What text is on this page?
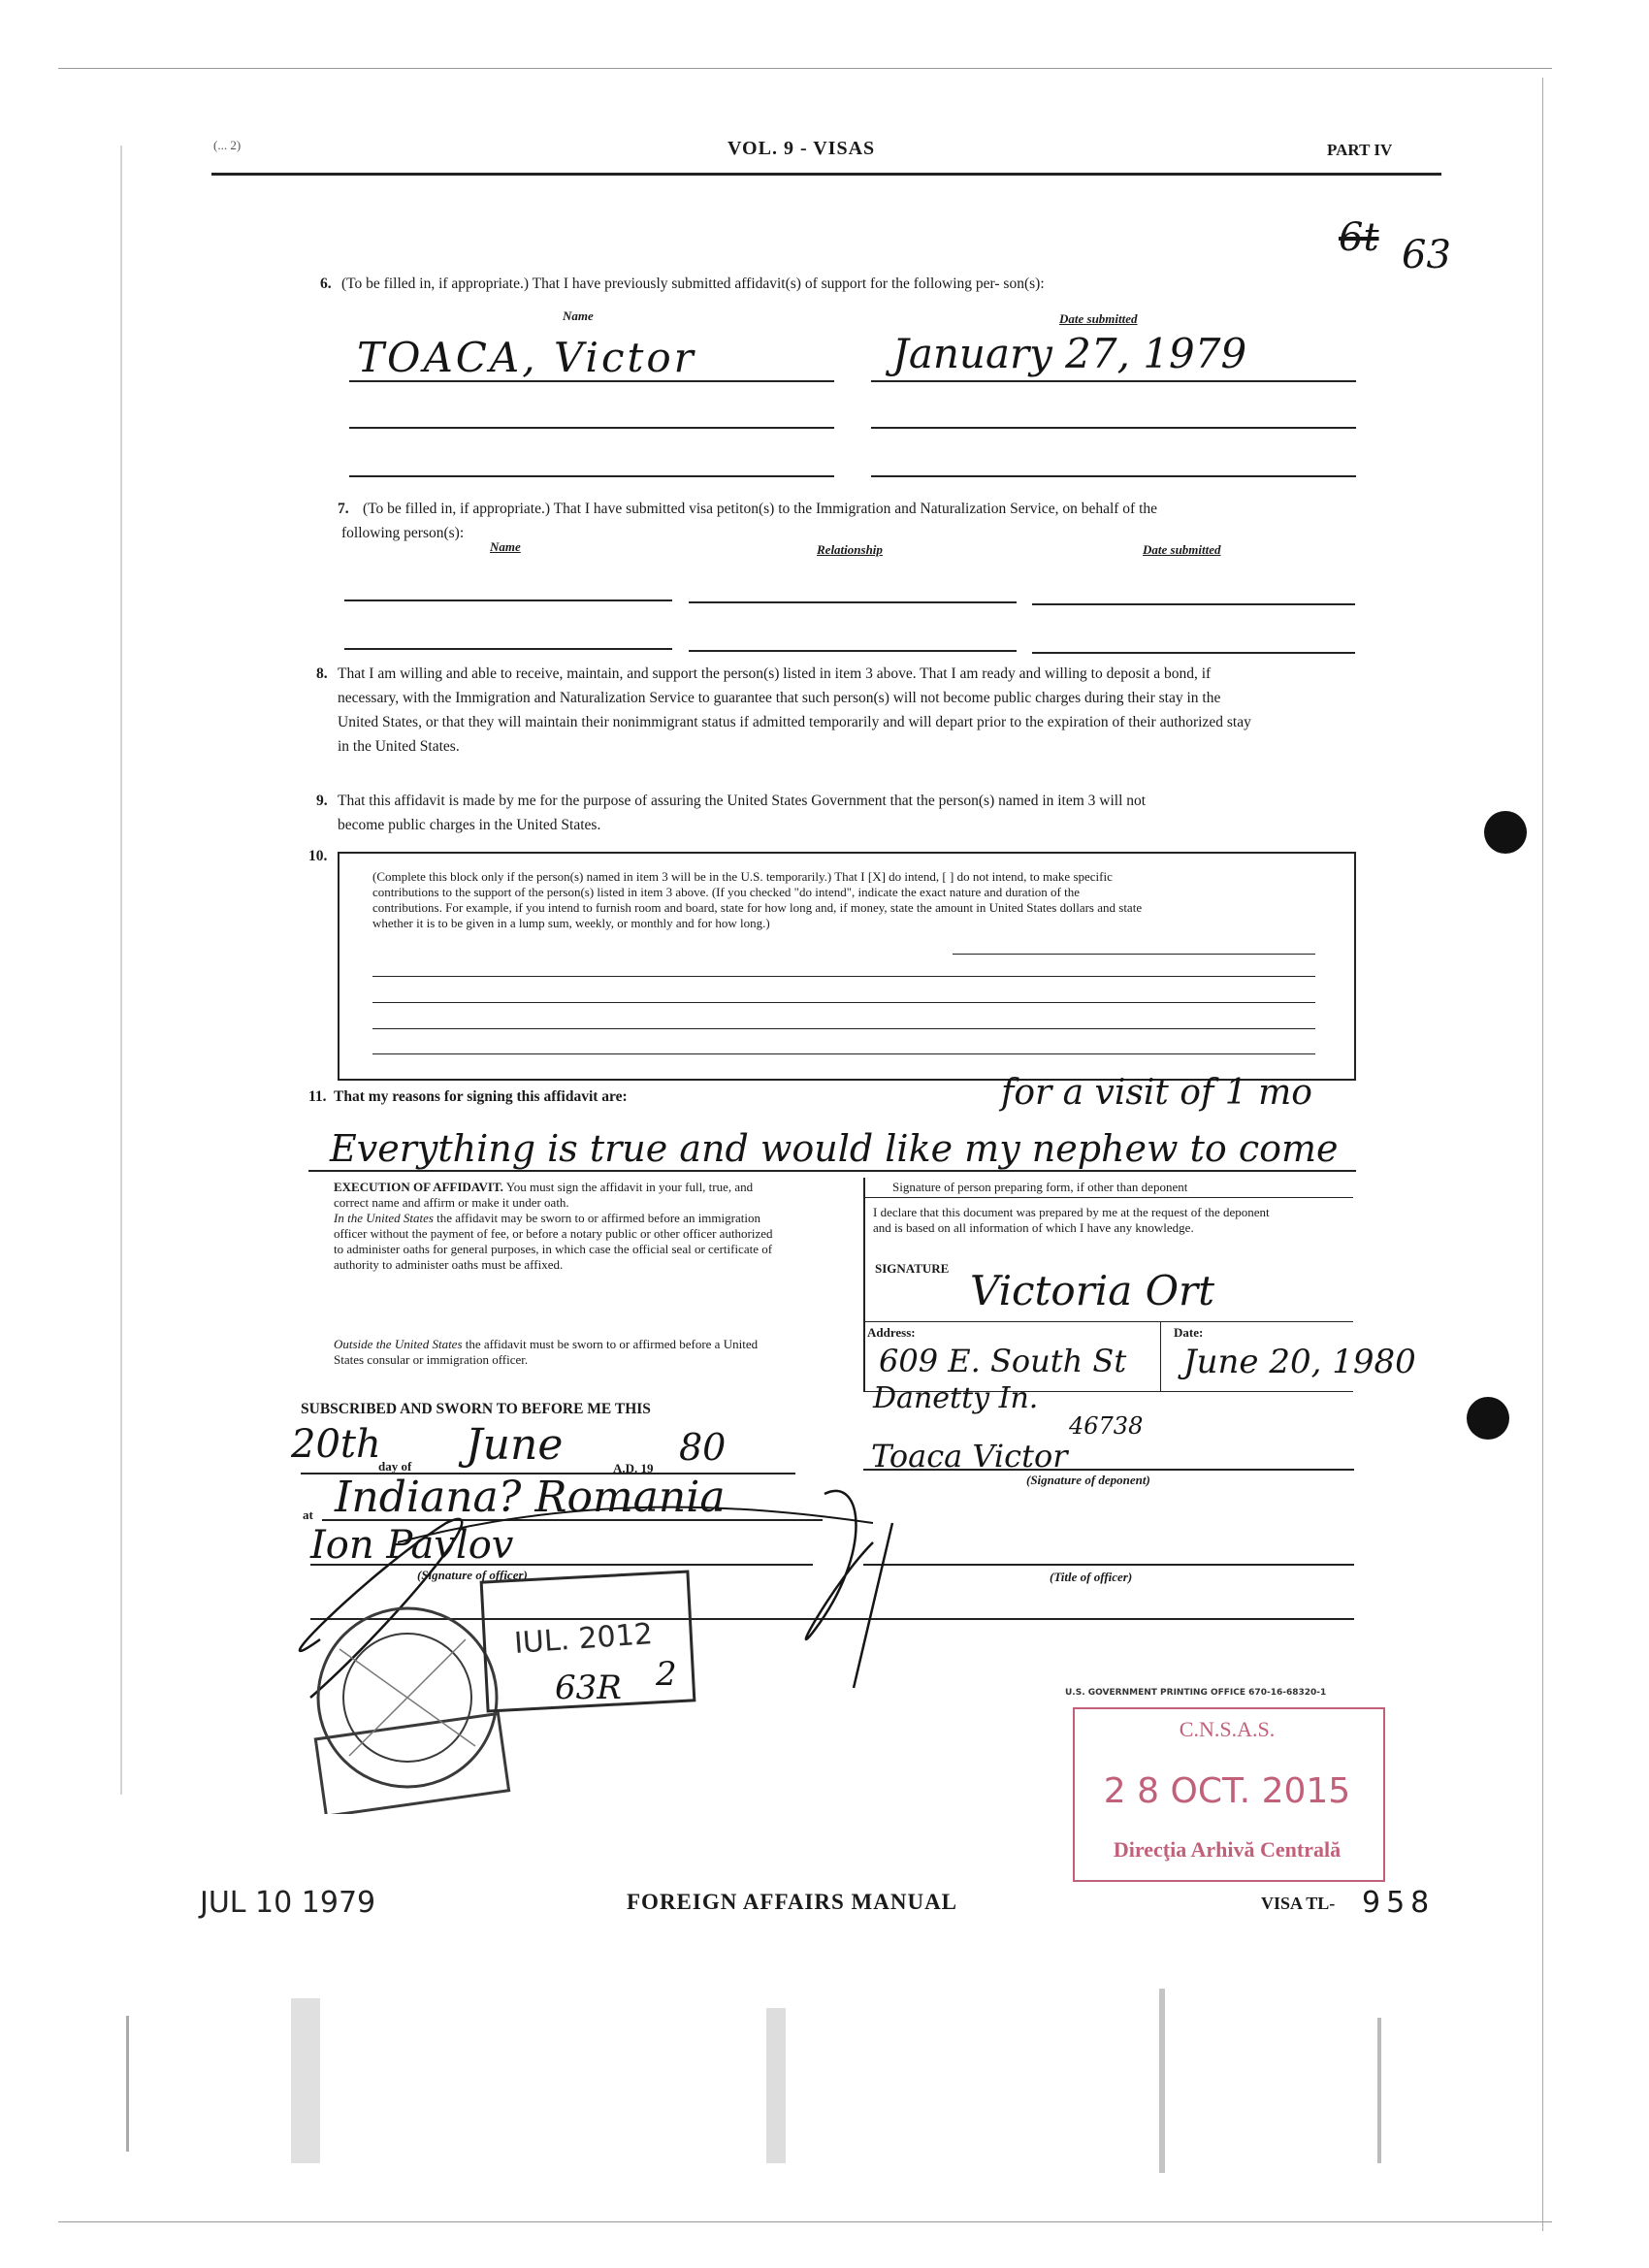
(... 2)	VOL. 9 - VISAS	PART IV
6t 63
6. (To be filled in, if appropriate.) That I have previously submitted affidavit(s) of support for the following per- son(s):
Name	Date submitted
TOACA, Victor	January 27, 1979
7. (To be filled in, if appropriate.) That I have submitted visa petiton(s) to the Immigration and Naturalization Service, on behalf of the following person(s):
Name	Relationship	Date submitted
8. That I am willing and able to receive, maintain, and support the person(s) listed in item 3 above. That I am ready and willing to deposit a bond, if necessary, with the Immigration and Naturalization Service to guarantee that such person(s) will not become public charges during their stay in the United States, or that they will maintain their nonimmigrant status if admitted temporarily and will depart prior to the expiration of their authorized stay in the United States.
9. That this affidavit is made by me for the purpose of assuring the United States Government that the person(s) named in item 3 will not become public charges in the United States.
10.
(Complete this block only if the person(s) named in item 3 will be in the U.S. temporarily.) That I [X] do intend, [ ] do not intend, to make specific contributions to the support of the person(s) listed in item 3 above. (If you checked "do intend", indicate the exact nature and duration of the contributions. For example, if you intend to furnish room and board, state for how long and, if money, state the amount in United States dollars and state whether it is to be given in a lump sum, weekly, or monthly and for how long.)
11. That my reasons for signing this affidavit are:	for a visit of 1 mo
Everything is true and would like my nephew to come
EXECUTION OF AFFIDAVIT. You must sign the affidavit in your full, true, and correct name and affirm or make it under oath.
In the United States the affidavit may be sworn to or affirmed before an immigration officer without the payment of fee, or before a notary public or other officer authorized to administer oaths for general purposes, in which case the official seal or certificate of authority to administer oaths must be affixed.
Outside the United States the affidavit must be sworn to or affirmed before a United States consular or immigration officer.
Signature of person preparing form, if other than deponent
I declare that this document was prepared by me at the request of the deponent and is based on all information of which I have any knowledge.
SIGNATURE Victoria Ort
Address:	Date:
609 E. South St June 20, 1980
Danetty In.
46738
SUBSCRIBED AND SWORN TO BEFORE ME THIS
20th
day of June	A.D. 19 80	Toaca Victor
(Signature of deponent)
at Indiana? Romania
Ion Pavlov
(Signature of officer)	(Title of officer)
IUL. 2012
63R 2	U.S. GOVERNMENT PRINTING OFFICE 670-16-68320-1
C.N.S.A.S.
2 8 OCT. 2015
Direcţia Arhivă Centrală
JUL 10 1979	FOREIGN AFFAIRS MANUAL	VISA TL- 958
